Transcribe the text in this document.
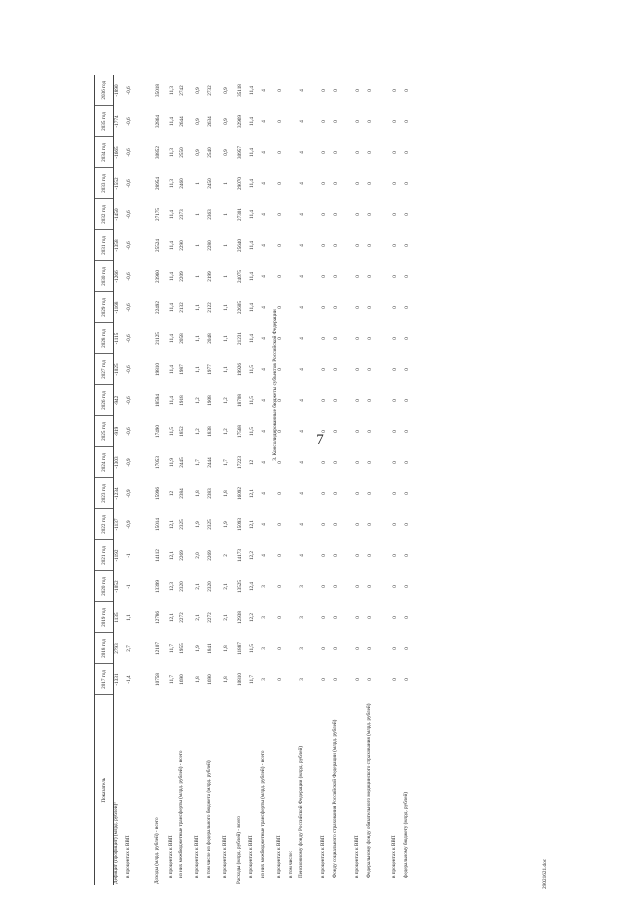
7
Показатель	2017 год	2018 год	2019 год	2020 год	2021 год	2022 год	2023 год	2024 год	2025 год	2026 год	2027 год	2028 год	2029 год	2030 год	2031 год	2032 год	2033 год	2034 год	2035 год	2036 год
Дефицит (профицит) (млрд. рублей)¹	-1331	2793	1135	-1052	-1192	-1137	-1234	-1303	-919	-942	-1025	-1115	-1168	-1266	-1358	-1450	-1552	-1665	-1774	-1890
в процентах к ВВП	-1,4	2,7	1,1	-1	-1	-0,9	-0,9	-0,9	-0,6	-0,6	-0,6	-0,6	-0,6	-0,6	-0,6	-0,6	-0,6	-0,6	-0,6	-0,6

Доходы (млрд. рублей) - всего	10758	12107	12786	13399	14112	15014	15996	17053	17490	18594	19810	21125	22492	23960	25524	27175	28954	30852	32864	35018
в процентах к ВВП	11,7	11,7	12,1	12,3	12,1	12,1	12	11,9	11,5	11,4	11,4	11,4	11,4	11,4	11,4	11,4	11,3	11,3	11,4	11,3
из них межбюджетные трансферты (млрд. рублей) - всего	1690	1955	2272	2320	2269	2325	2384	2445	1852	1918	1987	2058	2132	2209	2290	2373	2460	2550	2644	2742
в процентах к ВВП	1,8	1,9	2,1	2,1	2,0	1,9	1,8	1,7	1,2	1,2	1,1	1,1	1,1	1	1	1	1	0,9	0,9	0,9
в том числе из федерального бюджета (млрд. рублей)	1690	1841	2272	2320	2269	2325	2383	2444	1838	1908	1977	2048	2122	2199	2280	2363	2450	2540	2634	2732
в процентах к ВВП	1,8	1,8	2,1	2,1	2	1,9	1,8	1,7	1,2	1,2	1,1	1,1	1,1	1	1	1	1	0,9	0,9	0,9
Расходы (млрд. рублей) - всего	10810	11887	12938	13525	14173	15093	16092	17223	17568	18708	19926	21231	22605	24075	25640	27301	29070	30957	32969	35118
в процентах к ВВП	11,7	11,5	12,2	12,4	12,2	12,1	12,1	12	11,5	11,5	11,5	11,4	11,4	11,4	11,4	11,4	11,4	11,4	11,4	11,4
из них межбюджетные трансферты (млрд. рублей) - всего	3	3	3	3	4	4	4	4	4	4	4	4	4	4	4	4	4	4	4	4
в процентах к ВВП	0	0	0	0	0	0	0	0	0	0	0	0	0	0	0	0	0	0	0	0
в том числе:																				
Пенсионному фонду Российской Федерации (млрд. рублей)	3	3	3	3	4	4	4	4	4	4	4	4	4	4	4	4	4	4	4	4
в процентах к ВВП	0	0	0	0	0	0	0	0	0	0	0	0	0	0	0	0	0	0	0	0
Фонду социального страхования Российской Федерации (млрд. рублей)	0	0	0	0	0	0	0	0	0	0	0	0	0	0	0	0	0	0	0	0
в процентах к ВВП	0	0	0	0	0	0	0	0	0	0	0	0	0	0	0	0	0	0	0	0
Федеральному фонду обязательного медицинского страхования (млрд. рублей)	0	0	0	0	0	0	0	0	0	0	0	0	0	0	0	0	0	0	0	0
в процентах к ВВП	0	0	0	0	0	0	0	0	0	0	0	0	0	0	0	0	0	0	0	0
федеральному бюджету (млрд. рублей)	0	0	0	0	0	0	0	0	0	0	0	0	0	0	0	0	0	0	0	0
3. Консолидированные бюджеты субъектов Российской Федерации
29021621.doc
